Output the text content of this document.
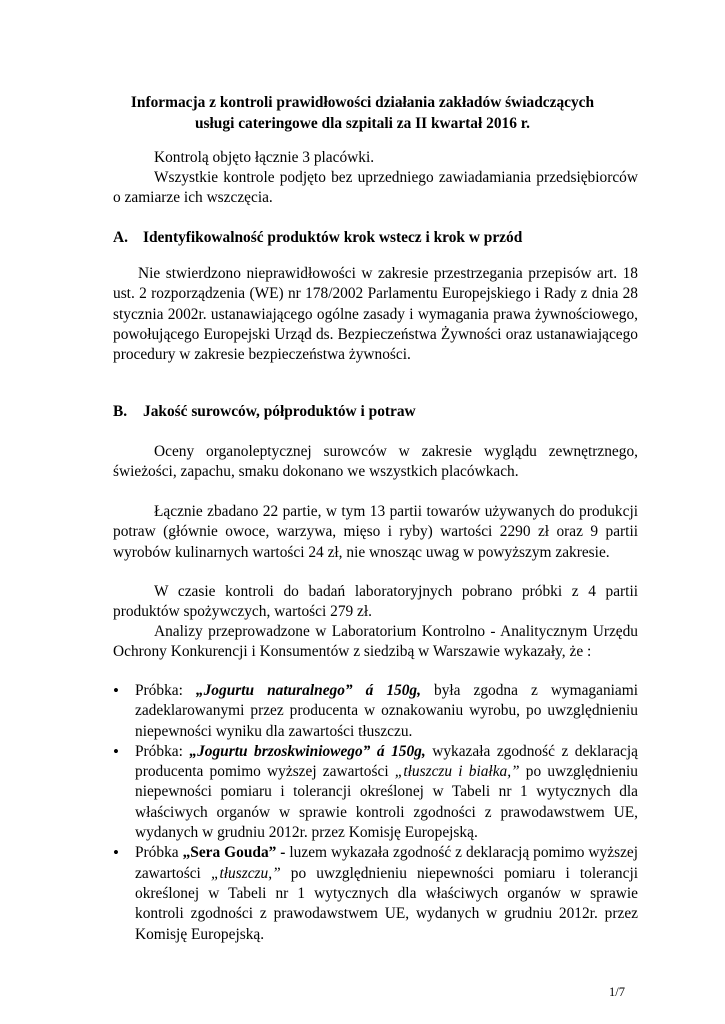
Informacja z kontroli prawidłowości działania zakładów świadczących
usługi cateringowe dla szpitali za II kwartał 2016 r.
Kontrolą objęto łącznie 3 placówki.
Wszystkie kontrole podjęto bez uprzedniego zawiadamiania przedsiębiorców o zamiarze ich wszczęcia.
A. Identyfikowalność produktów krok wstecz i krok w przód
Nie stwierdzono nieprawidłowości w zakresie przestrzegania przepisów art. 18 ust. 2 rozporządzenia (WE) nr 178/2002 Parlamentu Europejskiego i Rady z dnia 28 stycznia 2002r. ustanawiającego ogólne zasady i wymagania prawa żywnościowego, powołującego Europejski Urząd ds. Bezpieczeństwa Żywności oraz ustanawiającego procedury w zakresie bezpieczeństwa żywności.
B. Jakość surowców, półproduktów i potraw
Oceny organoleptycznej surowców w zakresie wyglądu zewnętrznego, świeżości, zapachu, smaku dokonano we wszystkich placówkach.
Łącznie zbadano 22 partie, w tym 13 partii towarów używanych do produkcji potraw (głównie owoce, warzywa, mięso i ryby) wartości 2290 zł oraz 9 partii wyrobów kulinarnych wartości 24 zł, nie wnosząc uwag w powyższym zakresie.
W czasie kontroli do badań laboratoryjnych pobrano próbki z 4 partii produktów spożywczych, wartości 279 zł.
Analizy przeprowadzone w Laboratorium Kontrolno - Analitycznym Urzędu Ochrony Konkurencji i Konsumentów z siedzibą w Warszawie wykazały, że :
•
Próbka: „Jogurtu naturalnego” á 150g, była zgodna z wymaganiami zadeklarowanymi przez producenta w oznakowaniu wyrobu, po uwzględnieniu niepewności wyniku dla zawartości tłuszczu.
•
Próbka: „Jogurtu brzoskwiniowego” á 150g, wykazała zgodność z deklaracją producenta pomimo wyższej zawartości „tłuszczu i białka,” po uwzględnieniu niepewności pomiaru i tolerancji określonej w Tabeli nr 1 wytycznych dla właściwych organów w sprawie kontroli zgodności z prawodawstwem UE, wydanych w grudniu 2012r. przez Komisję Europejską.
•
Próbka „Sera Gouda” - luzem wykazała zgodność z deklaracją pomimo wyższej zawartości „tłuszczu,” po uwzględnieniu niepewności pomiaru i tolerancji określonej w Tabeli nr 1 wytycznych dla właściwych organów w sprawie kontroli zgodności z prawodawstwem UE, wydanych w grudniu 2012r. przez Komisję Europejską.
1/7
